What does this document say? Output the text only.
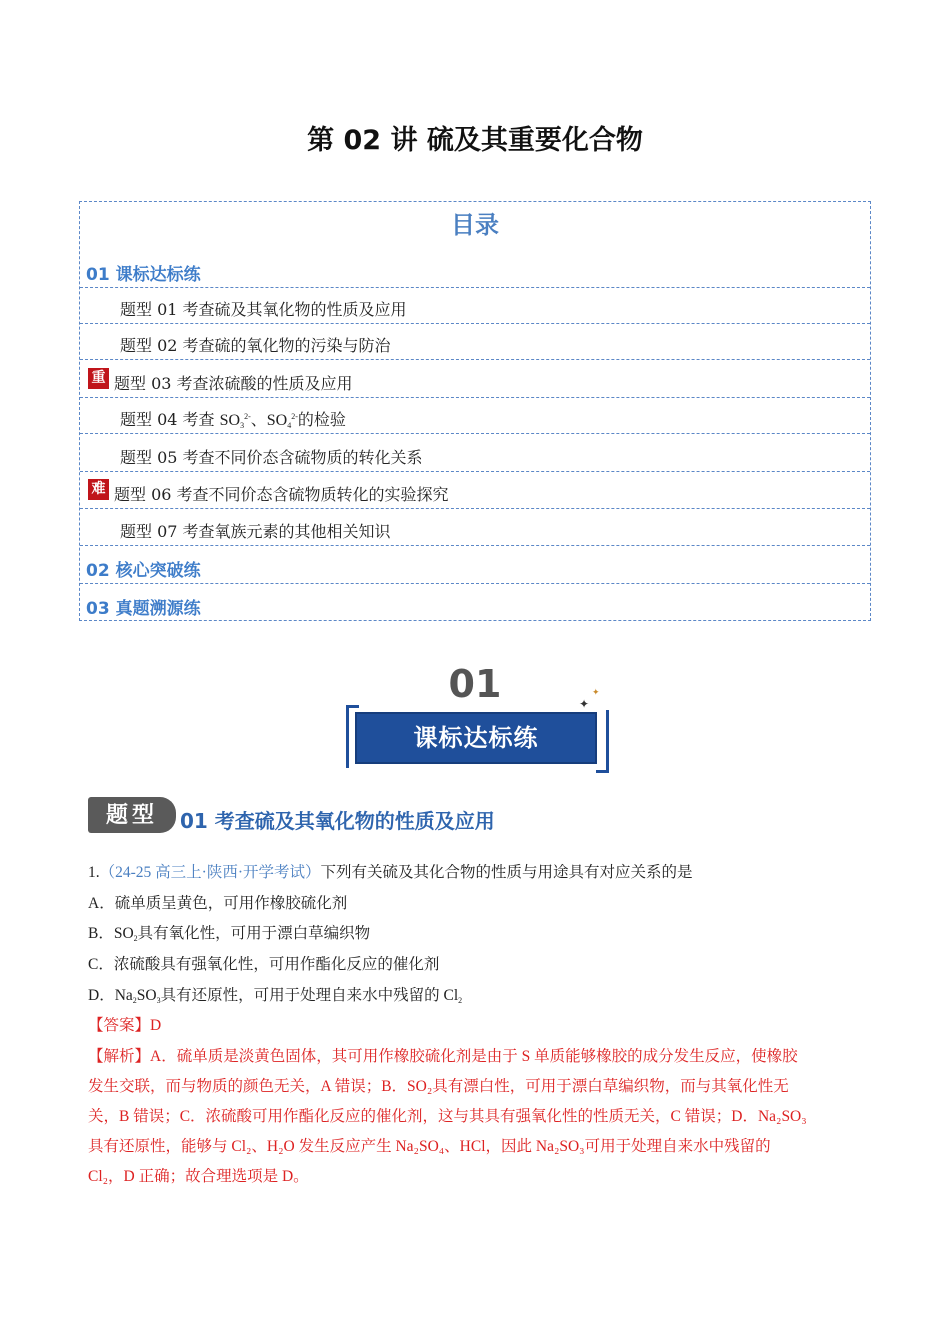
第 02 讲 硫及其重要化合物
目录
01 课标达标练
题型 01 考查硫及其氧化物的性质及应用
题型 02 考查硫的氧化物的污染与防治
重 题型 03 考查浓硫酸的性质及应用
题型 04 考查 $SO_3^{2-}$、$SO_4^{2-}$的检验
题型 05 考查不同价态含硫物质的转化关系
难 题型 06 考查不同价态含硫物质转化的实验探究
题型 07 考查氧族元素的其他相关知识
02 核心突破练
03 真题溯源练
01
课标达标练
✦
✦
题型	01 考查硫及其氧化物的性质及应用
1.（24-25 高三上·陕西·开学考试）下列有关硫及其化合物的性质与用途具有对应关系的是
A．硫单质呈黄色，可用作橡胶硫化剂
B．$SO_2$具有氧化性，可用于漂白草编织物
C．浓硫酸具有强氧化性，可用作酯化反应的催化剂
D．$Na_2SO_3$具有还原性，可用于处理自来水中残留的 $Cl_2$
【答案】D
【解析】A．硫单质是淡黄色固体，其可用作橡胶硫化剂是由于 S 单质能够橡胶的成分发生反应，使橡胶
发生交联，而与物质的颜色无关，A 错误；B．SO₂具有漂白性，可用于漂白草编织物，而与其氧化性无
关，B 错误；C．浓硫酸可用作酯化反应的催化剂，这与其具有强氧化性的性质无关，C 错误；D．Na₂SO₃
具有还原性，能够与 Cl₂、H₂O 发生反应产生 Na₂SO₄、HCl，因此 Na₂SO₃可用于处理自来水中残留的
Cl₂，D 正确；故合理选项是 D。
